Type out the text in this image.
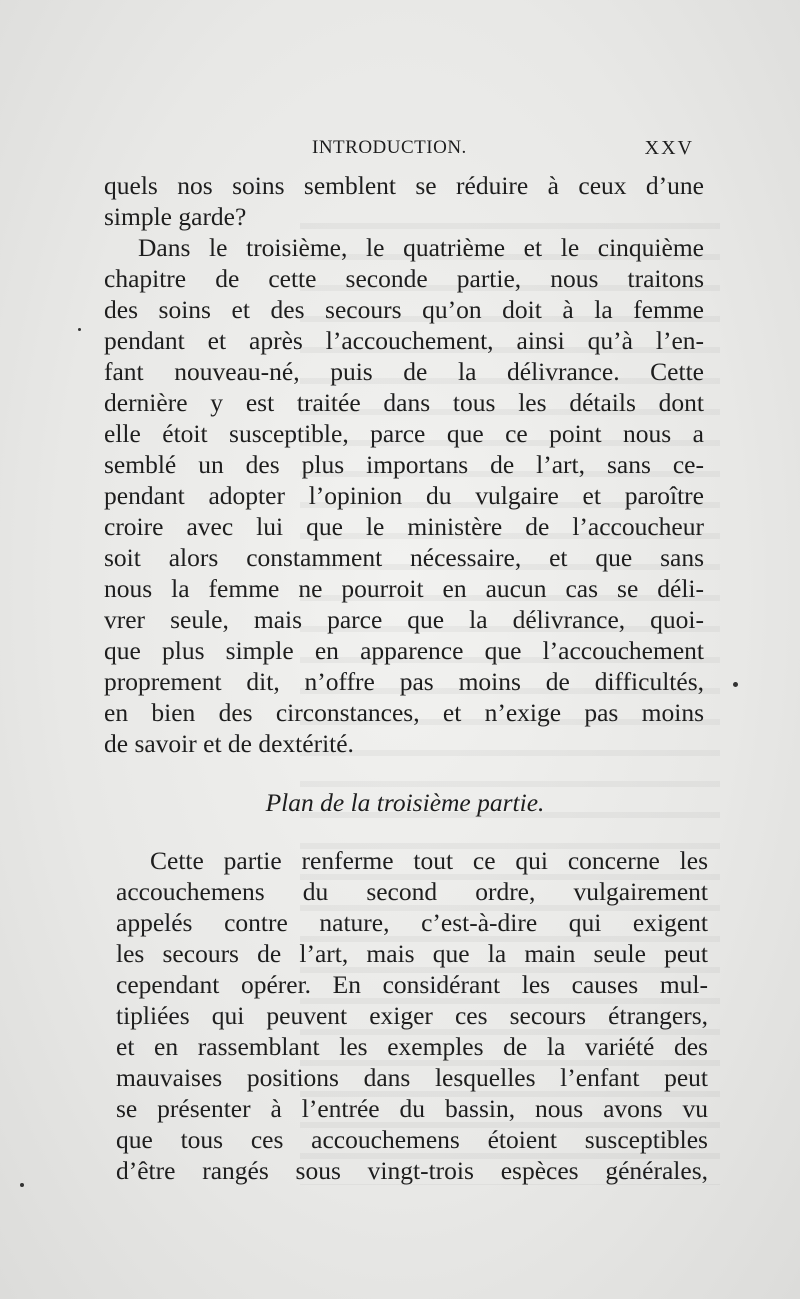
INTRODUCTION.	XXV
quels nos soins semblent se réduire à ceux d’une
simple garde?
Dans le troisième, le quatrième et le cinquième
chapitre de cette seconde partie, nous traitons
des soins et des secours qu’on doit à la femme
pendant et après l’accouchement, ainsi qu’à l’en-
fant nouveau-né, puis de la délivrance. Cette
dernière y est traitée dans tous les détails dont
elle étoit susceptible, parce que ce point nous a
semblé un des plus importans de l’art, sans ce-
pendant adopter l’opinion du vulgaire et paroître
croire avec lui que le ministère de l’accoucheur
soit alors constamment nécessaire, et que sans
nous la femme ne pourroit en aucun cas se déli-
vrer seule, mais parce que la délivrance, quoi-
que plus simple en apparence que l’accouchement
proprement dit, n’offre pas moins de difficultés,
en bien des circonstances, et n’exige pas moins
de savoir et de dextérité.
Plan de la troisième partie.
Cette partie renferme tout ce qui concerne les
accouchemens du second ordre, vulgairement
appelés contre nature, c’est-à-dire qui exigent
les secours de l’art, mais que la main seule peut
cependant opérer. En considérant les causes mul-
tipliées qui peuvent exiger ces secours étrangers,
et en rassemblant les exemples de la variété des
mauvaises positions dans lesquelles l’enfant peut
se présenter à l’entrée du bassin, nous avons vu
que tous ces accouchemens étoient susceptibles
d’être rangés sous vingt-trois espèces générales,
